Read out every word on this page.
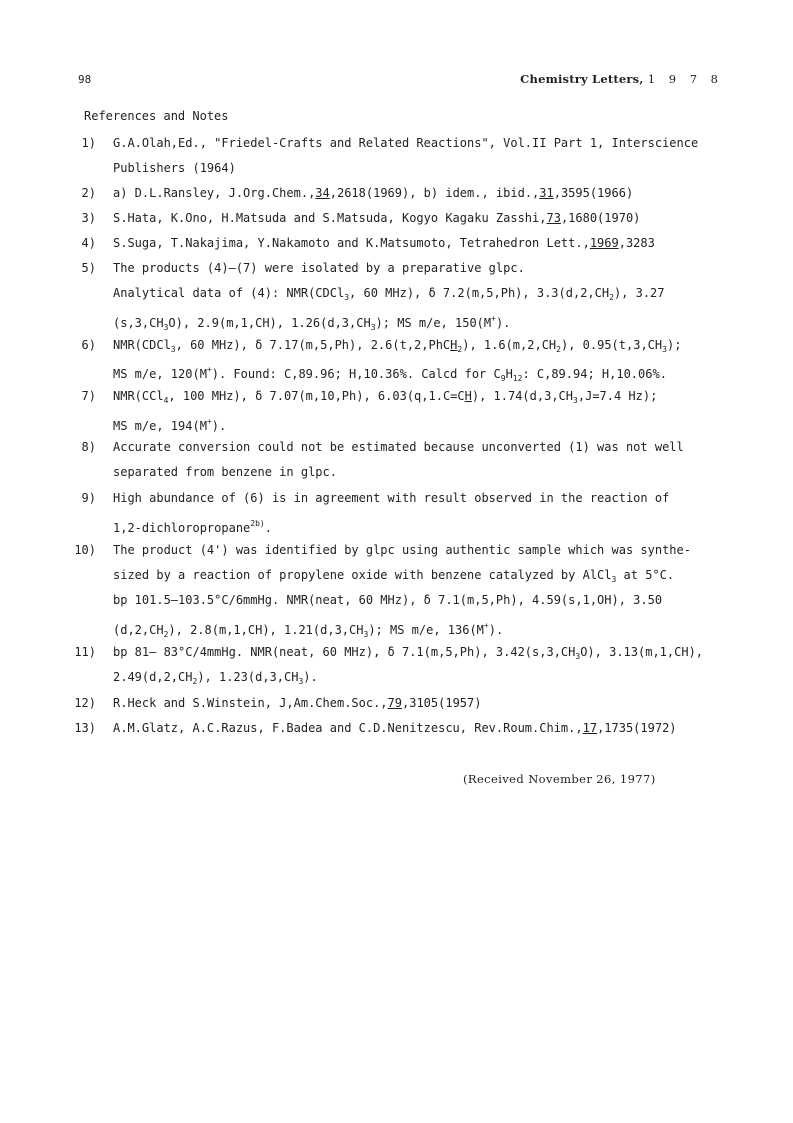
98	Chemistry Letters, 1 9 7 8
References and Notes
1) G.A.Olah,Ed., "Friedel-Crafts and Related Reactions", Vol.II Part 1, Interscience
Publishers (1964)
2) a) D.L.Ransley, J.Org.Chem.,34,2618(1969), b) idem., ibid.,31,3595(1966)
3) S.Hata, K.Ono, H.Matsuda and S.Matsuda, Kogyo Kagaku Zasshi,73,1680(1970)
4) S.Suga, T.Nakajima, Y.Nakamoto and K.Matsumoto, Tetrahedron Lett.,1969,3283
5) The products (4)—(7) were isolated by a preparative glpc.
Analytical data of (4): NMR(CDCl$_3$, 60 MHz), δ 7.2(m,5,Ph), $3.3(d,2,CH_2)$, 3.27
$(s,3,CH_3O)$, 2.9(m,1,CH), $1.26(d,3,CH_3)$; MS m/e, 150(M+).
6) NMR(CDCl$_3$, 60 MHz), δ 7.17(m,5,Ph), 2.6(t,2,PhCH$_2$), $1.6(m,2,CH_2)$, $0.95(t,3,CH_3)$;
MS m/e, 120(M+). Found: C,89.96; H,10.36%. Calcd for $C_9H_{12}$: C,89.94; H,10.06%.
7) NMR(CCl$_4$, 100 MHz), δ 7.07(m,10,Ph), 6.03(q,1.C=CH), $1.74(d,3,CH_3,J=7.4$ Hz);
MS m/e, 194(M+).
8) Accurate conversion could not be estimated because unconverted (1) was not well
separated from benzene in glpc.
9) High abundance of (6) is in agreement with result observed in the reaction of
1,2-dichloropropane$^{2b)}$.
10) The product (4') was identified by glpc using authentic sample which was synthe-
sized by a reaction of propylene oxide with benzene catalyzed by AlCl$_3$ at 5°C.
bp 101.5—103.5°C/6mmHg. NMR(neat, 60 MHz), δ 7.1(m,5,Ph), 4.59(s,1,OH), 3.50
$(d,2,CH_2)$, 2.8(m,1,CH), $1.21(d,3,CH_3)$; MS m/e, 136(M+).
11) bp 81— 83°C/4mmHg. NMR(neat, 60 MHz), δ 7.1(m,5,Ph), $3.42(s,3,CH_3O)$, 3.13(m,1,CH),
$2.49(d,2,CH_2)$, $1.23(d,3,CH_3)$.
12) R.Heck and S.Winstein, J,Am.Chem.Soc.,79,3105(1957)
13) A.M.Glatz, A.C.Razus, F.Badea and C.D.Nenitzescu, Rev.Roum.Chim.,17,1735(1972)
(Received November 26, 1977)
